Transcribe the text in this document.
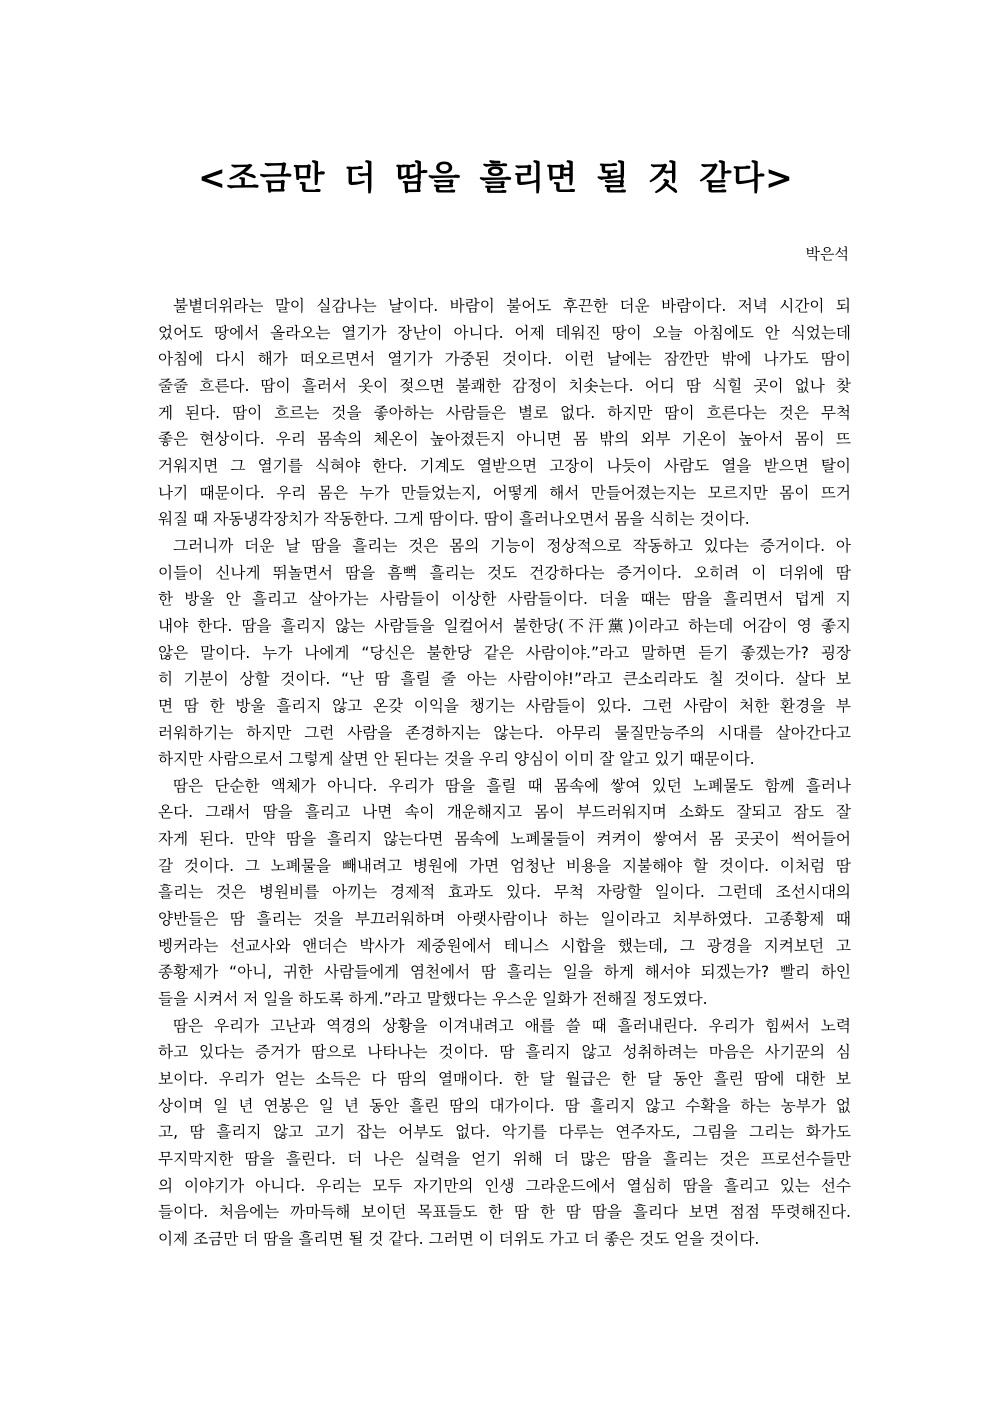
<조금만 더 땀을 흘리면 될 것 같다>
박은석
불볕더위라는 말이 실감나는 날이다. 바람이 불어도 후끈한 더운 바람이다. 저녁 시간이 되
었어도 땅에서 올라오는 열기가 장난이 아니다. 어제 데워진 땅이 오늘 아침에도 안 식었는데
아침에 다시 해가 떠오르면서 열기가 가중된 것이다. 이런 날에는 잠깐만 밖에 나가도 땀이
줄줄 흐른다. 땀이 흘러서 옷이 젖으면 불쾌한 감정이 치솟는다. 어디 땀 식힐 곳이 없나 찾
게 된다. 땀이 흐르는 것을 좋아하는 사람들은 별로 없다. 하지만 땀이 흐른다는 것은 무척
좋은 현상이다. 우리 몸속의 체온이 높아졌든지 아니면 몸 밖의 외부 기온이 높아서 몸이 뜨
거워지면 그 열기를 식혀야 한다. 기계도 열받으면 고장이 나듯이 사람도 열을 받으면 탈이
나기 때문이다. 우리 몸은 누가 만들었는지, 어떻게 해서 만들어졌는지는 모르지만 몸이 뜨거
워질 때 자동냉각장치가 작동한다. 그게 땀이다. 땀이 흘러나오면서 몸을 식히는 것이다.
그러니까 더운 날 땀을 흘리는 것은 몸의 기능이 정상적으로 작동하고 있다는 증거이다. 아
이들이 신나게 뛰놀면서 땀을 흠뻑 흘리는 것도 건강하다는 증거이다. 오히려 이 더위에 땀
한 방울 안 흘리고 살아가는 사람들이 이상한 사람들이다. 더울 때는 땀을 흘리면서 덥게 지
내야 한다. 땀을 흘리지 않는 사람들을 일컬어서 불한당(不汗黨)이라고 하는데 어감이 영 좋지
않은 말이다. 누가 나에게 “당신은 불한당 같은 사람이야.”라고 말하면 듣기 좋겠는가? 굉장
히 기분이 상할 것이다. “난 땀 흘릴 줄 아는 사람이야!”라고 큰소리라도 칠 것이다. 살다 보
면 땀 한 방울 흘리지 않고 온갖 이익을 챙기는 사람들이 있다. 그런 사람이 처한 환경을 부
러워하기는 하지만 그런 사람을 존경하지는 않는다. 아무리 물질만능주의 시대를 살아간다고
하지만 사람으로서 그렇게 살면 안 된다는 것을 우리 양심이 이미 잘 알고 있기 때문이다.
땀은 단순한 액체가 아니다. 우리가 땀을 흘릴 때 몸속에 쌓여 있던 노폐물도 함께 흘러나
온다. 그래서 땀을 흘리고 나면 속이 개운해지고 몸이 부드러워지며 소화도 잘되고 잠도 잘
자게 된다. 만약 땀을 흘리지 않는다면 몸속에 노폐물들이 켜켜이 쌓여서 몸 곳곳이 썩어들어
갈 것이다. 그 노폐물을 빼내려고 병원에 가면 엄청난 비용을 지불해야 할 것이다. 이처럼 땀
흘리는 것은 병원비를 아끼는 경제적 효과도 있다. 무척 자랑할 일이다. 그런데 조선시대의
양반들은 땀 흘리는 것을 부끄러워하며 아랫사람이나 하는 일이라고 치부하였다. 고종황제 때
벵커라는 선교사와 앤더슨 박사가 제중원에서 테니스 시합을 했는데, 그 광경을 지켜보던 고
종황제가 “아니, 귀한 사람들에게 염천에서 땀 흘리는 일을 하게 해서야 되겠는가? 빨리 하인
들을 시켜서 저 일을 하도록 하게.”라고 말했다는 우스운 일화가 전해질 정도였다.
땀은 우리가 고난과 역경의 상황을 이겨내려고 애를 쓸 때 흘러내린다. 우리가 힘써서 노력
하고 있다는 증거가 땀으로 나타나는 것이다. 땀 흘리지 않고 성취하려는 마음은 사기꾼의 심
보이다. 우리가 얻는 소득은 다 땀의 열매이다. 한 달 월급은 한 달 동안 흘린 땀에 대한 보
상이며 일 년 연봉은 일 년 동안 흘린 땀의 대가이다. 땀 흘리지 않고 수확을 하는 농부가 없
고, 땀 흘리지 않고 고기 잡는 어부도 없다. 악기를 다루는 연주자도, 그림을 그리는 화가도
무지막지한 땀을 흘린다. 더 나은 실력을 얻기 위해 더 많은 땀을 흘리는 것은 프로선수들만
의 이야기가 아니다. 우리는 모두 자기만의 인생 그라운드에서 열심히 땀을 흘리고 있는 선수
들이다. 처음에는 까마득해 보이던 목표들도 한 땀 한 땀 땀을 흘리다 보면 점점 뚜렷해진다.
이제 조금만 더 땀을 흘리면 될 것 같다. 그러면 이 더위도 가고 더 좋은 것도 얻을 것이다.
